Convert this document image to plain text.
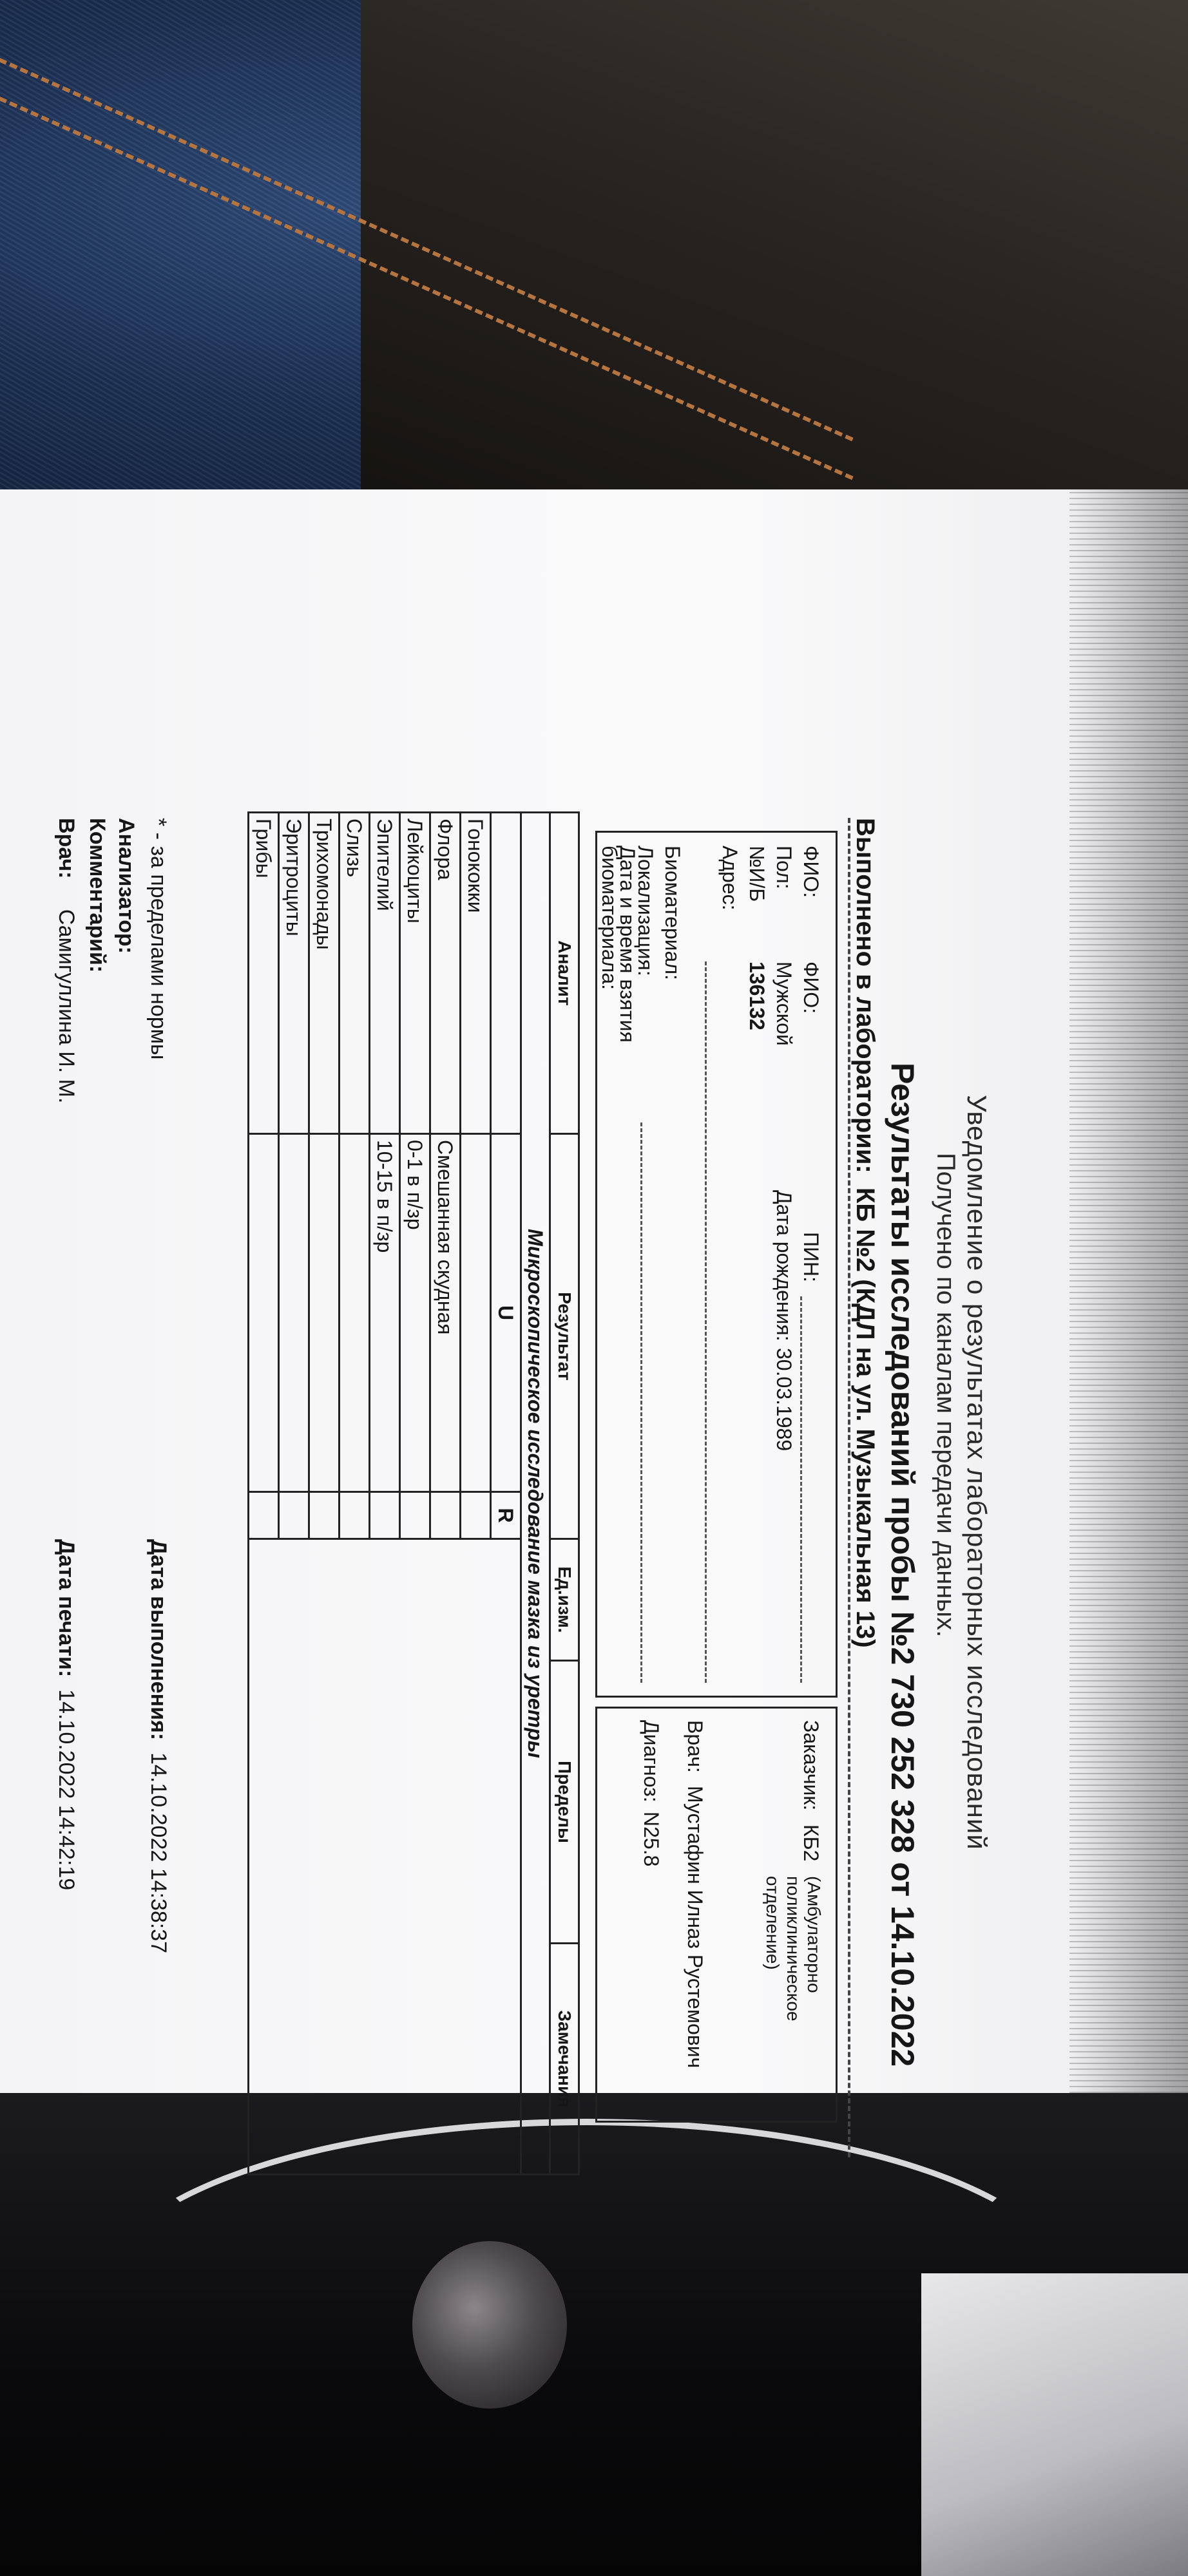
Уведомление о результатах лабораторных исследований
Получено по каналам передачи данных.
Результаты исследований пробы №2 730 252 328 от 14.10.2022
Выполнено в лаборатории:  КБ №2 (КДЛ на ул. Музыкальная 13)
ФИО:
ФИО:
ПИН:
Пол:
Мужской
Дата рождения:
30.03.1989
№И/Б
136132
Адрес:
Биоматериал:
Локализация:
Дата и время взятия
биоматериала:
Заказчик:
КБ2
(Амбулаторно поликлиническое отделение)
Врач:
Мустафин Илназ Рустемович
Диагноз:
N25.8
Аналит	Результат		Ед.изм.	Пределы	Замечания
Микроскопическое исследование мазка из уретры					
	U	R			
Гонококки					
Флора	Смешанная скудная				
Лейкоциты	0-1 в п/зр				
Эпителий	10-15 в п/зр				
Слизь					
Трихомонады					
Эритроциты					
Грибы					
* - за пределами нормы
Дата выполнения:  14.10.2022 14:38:37
Анализатор:
Комментарий:
Врач:     Самигуллина И. М.
Дата печати:  14.10.2022 14:42:19
